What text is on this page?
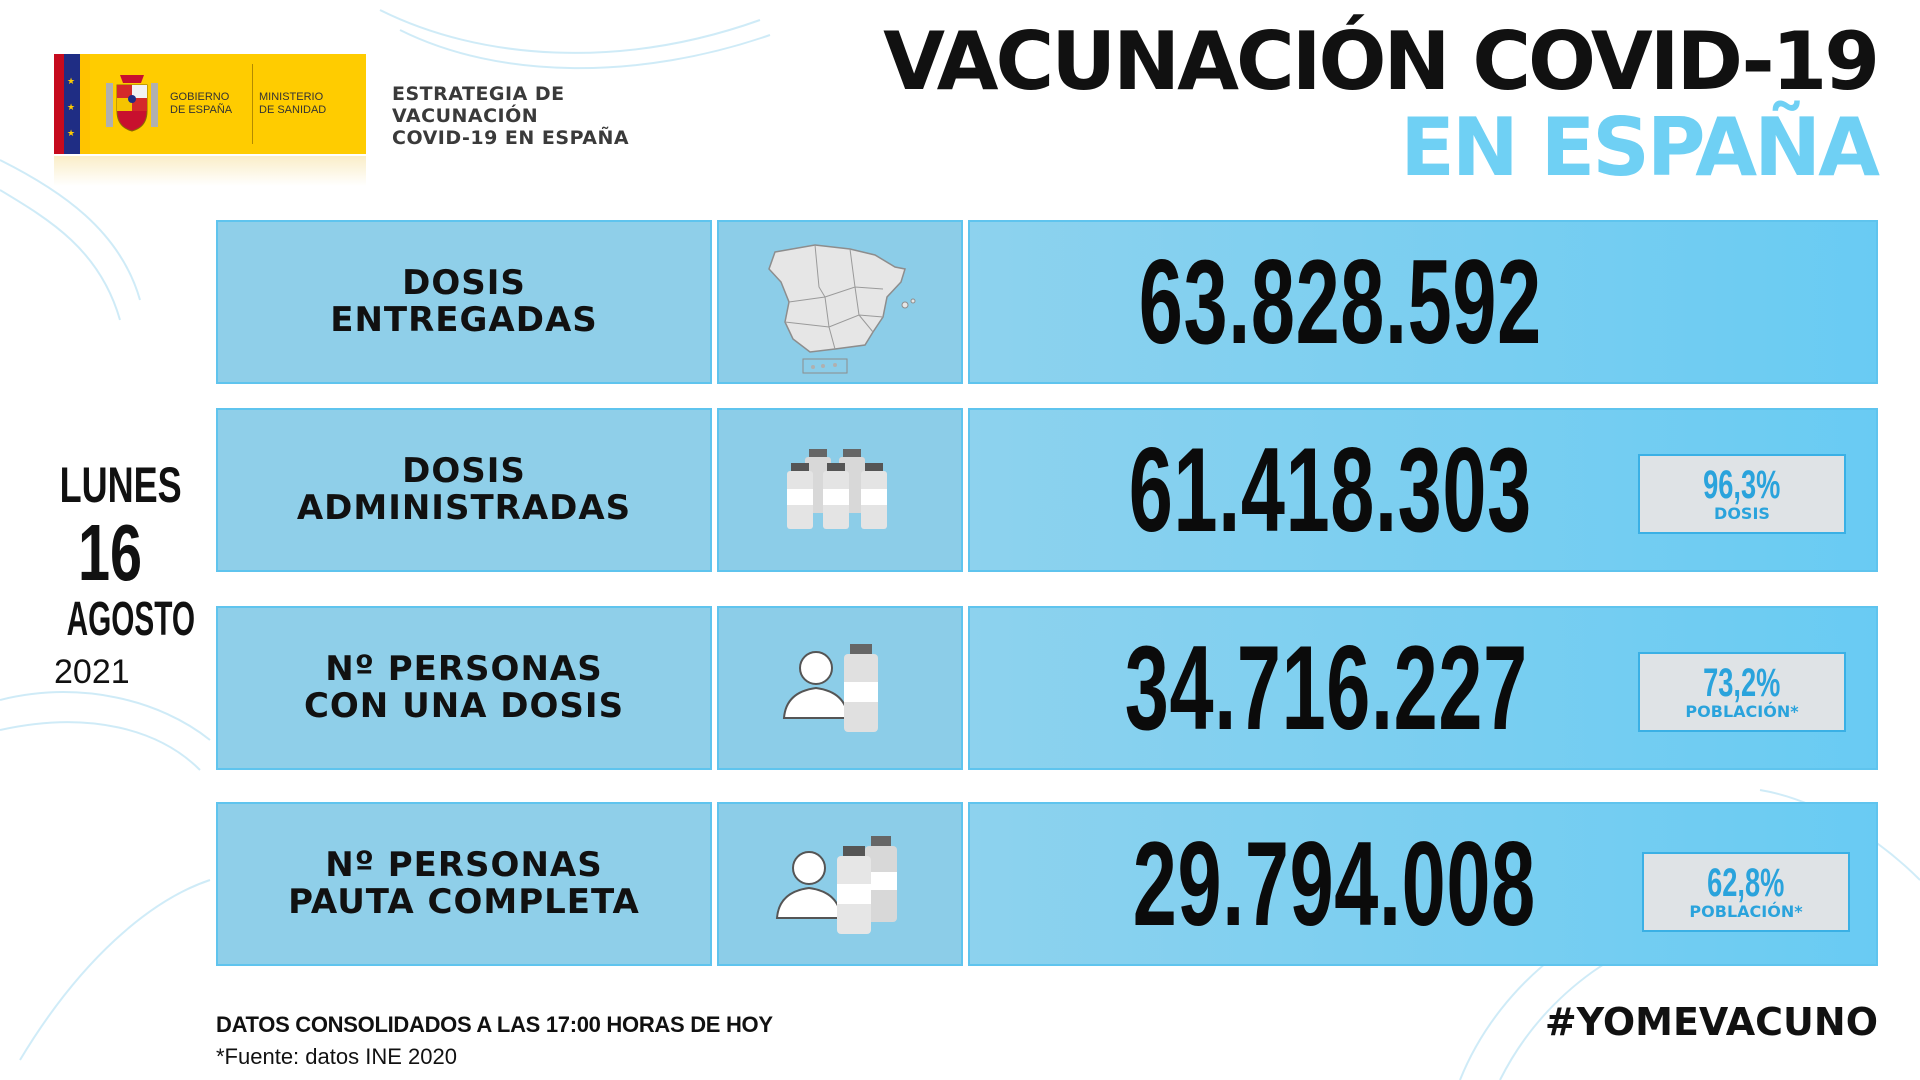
★
★
★
GOBIERNO DE ESPAÑA
MINISTERIO DE SANIDAD
ESTRATEGIA DE
VACUNACIÓN
COVID-19 EN ESPAÑA
VACUNACIÓN COVID-19
EN ESPAÑA
LUNES
16
AGOSTO
2021
DOSIS
ENTREGADAS	63.828.592
DOSIS
ADMINISTRADAS	61.418.303	96,3%
DOSIS
Nº PERSONAS
CON UNA DOSIS	34.716.227	73,2%
POBLACIÓN*
Nº PERSONAS
PAUTA COMPLETA	29.794.008	62,8%
POBLACIÓN*
DATOS CONSOLIDADOS A LAS 17:00 HORAS DE HOY
*Fuente: datos INE 2020
#YOMEVACUNO
